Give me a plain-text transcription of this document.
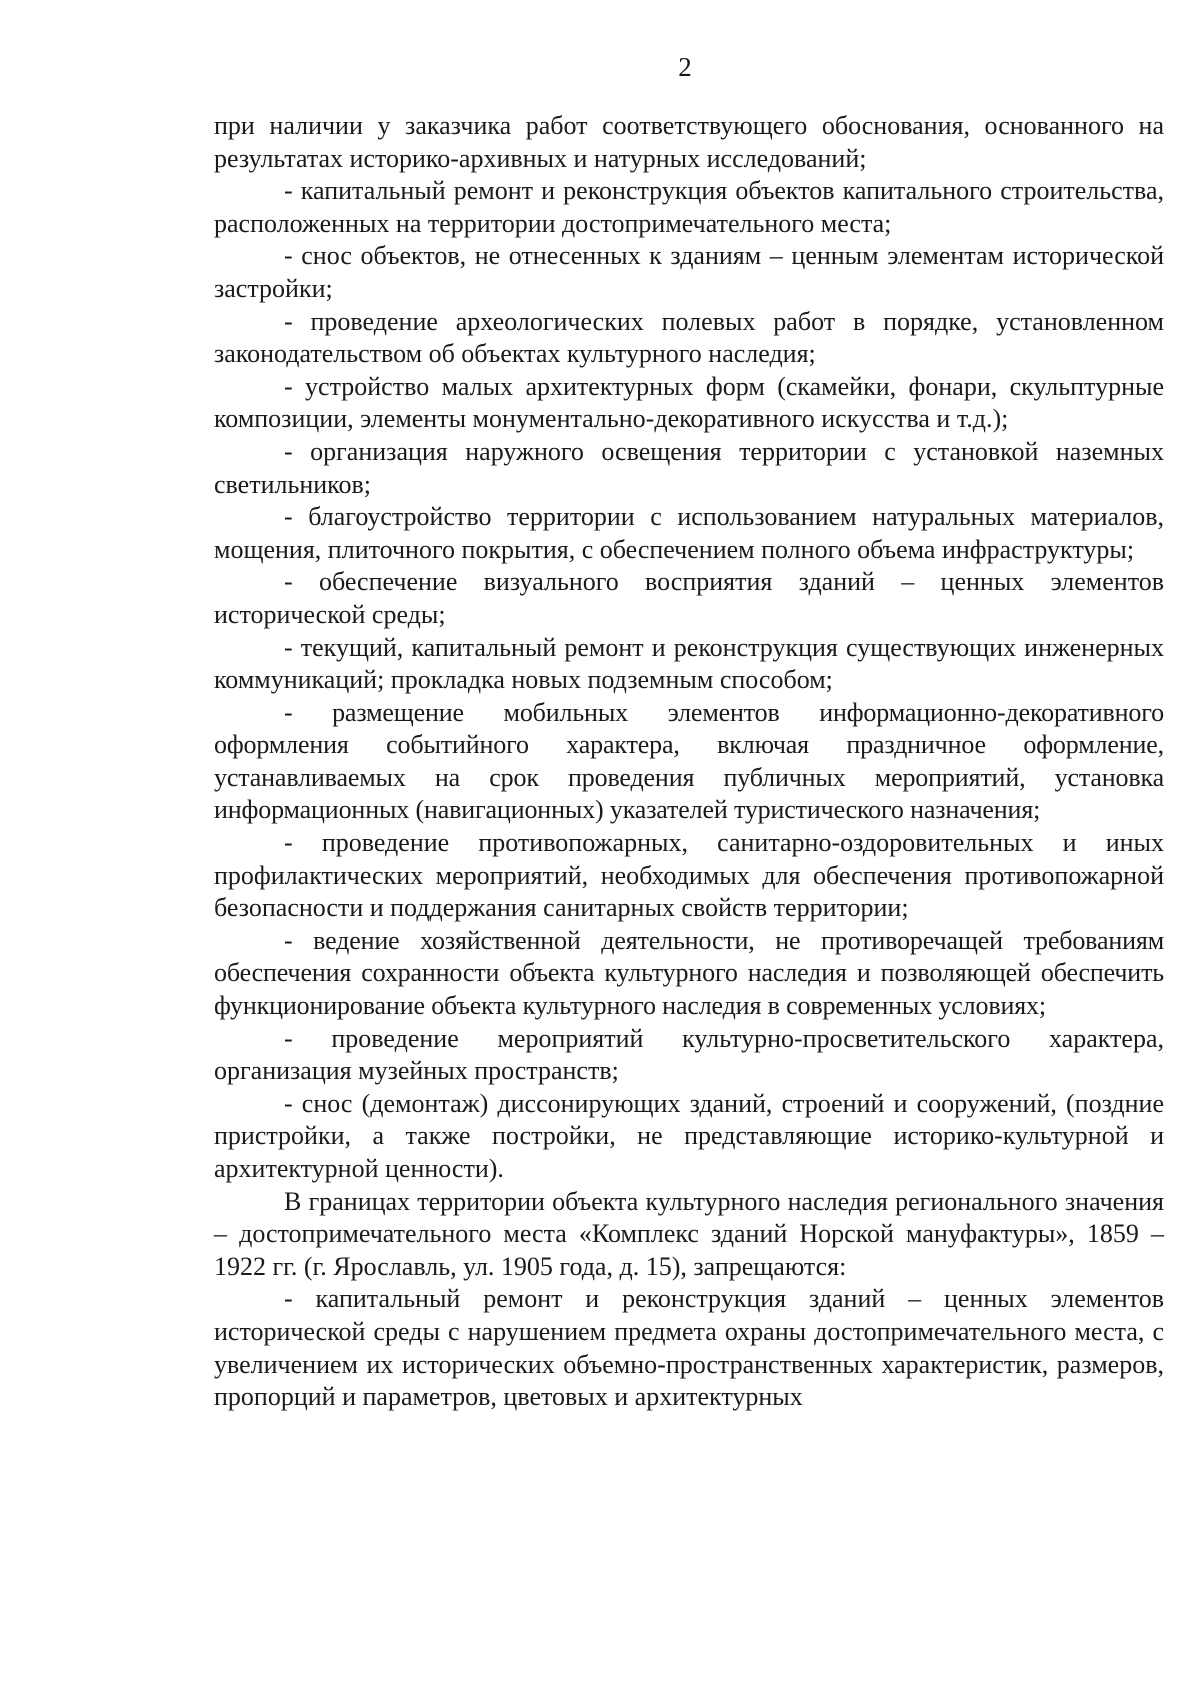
2

при наличии у заказчика работ соответствующего обоснования, основанного на результатах историко-архивных и натурных исследований;

- капитальный ремонт и реконструкция объектов капитального строительства, расположенных на территории достопримечательного места;

- снос объектов, не отнесенных к зданиям – ценным элементам исторической застройки;

- проведение археологических полевых работ в порядке, установленном законодательством об объектах культурного наследия;

- устройство малых архитектурных форм (скамейки, фонари, скульптурные композиции, элементы монументально-декоративного искусства и т.д.);

- организация наружного освещения территории с установкой наземных светильников;

- благоустройство территории с использованием натуральных материалов, мощения, плиточного покрытия, с обеспечением полного объема инфраструктуры;

- обеспечение визуального восприятия зданий – ценных элементов исторической среды;

- текущий, капитальный ремонт и реконструкция существующих инженерных коммуникаций; прокладка новых подземным способом;

- размещение мобильных элементов информационно-декоративного оформления событийного характера, включая праздничное оформление, устанавливаемых на срок проведения публичных мероприятий, установка информационных (навигационных) указателей туристического назначения;

- проведение противопожарных, санитарно-оздоровительных и иных профилактических мероприятий, необходимых для обеспечения противопожарной безопасности и поддержания санитарных свойств территории;

- ведение хозяйственной деятельности, не противоречащей требованиям обеспечения сохранности объекта культурного наследия и позволяющей обеспечить функционирование объекта культурного наследия в современных условиях;

- проведение мероприятий культурно-просветительского характера, организация музейных пространств;

- снос (демонтаж) диссонирующих зданий, строений и сооружений, (поздние пристройки, а также постройки, не представляющие историко-культурной и архитектурной ценности).

В границах территории объекта культурного наследия регионального значения – достопримечательного места «Комплекс зданий Норской мануфактуры», 1859 – 1922 гг. (г. Ярославль, ул. 1905 года, д. 15), запрещаются:

- капитальный ремонт и реконструкция зданий – ценных элементов исторической среды с нарушением предмета охраны достопримечательного места, с увеличением их исторических объемно-пространственных характеристик, размеров, пропорций и параметров, цветовых и архитектурных
